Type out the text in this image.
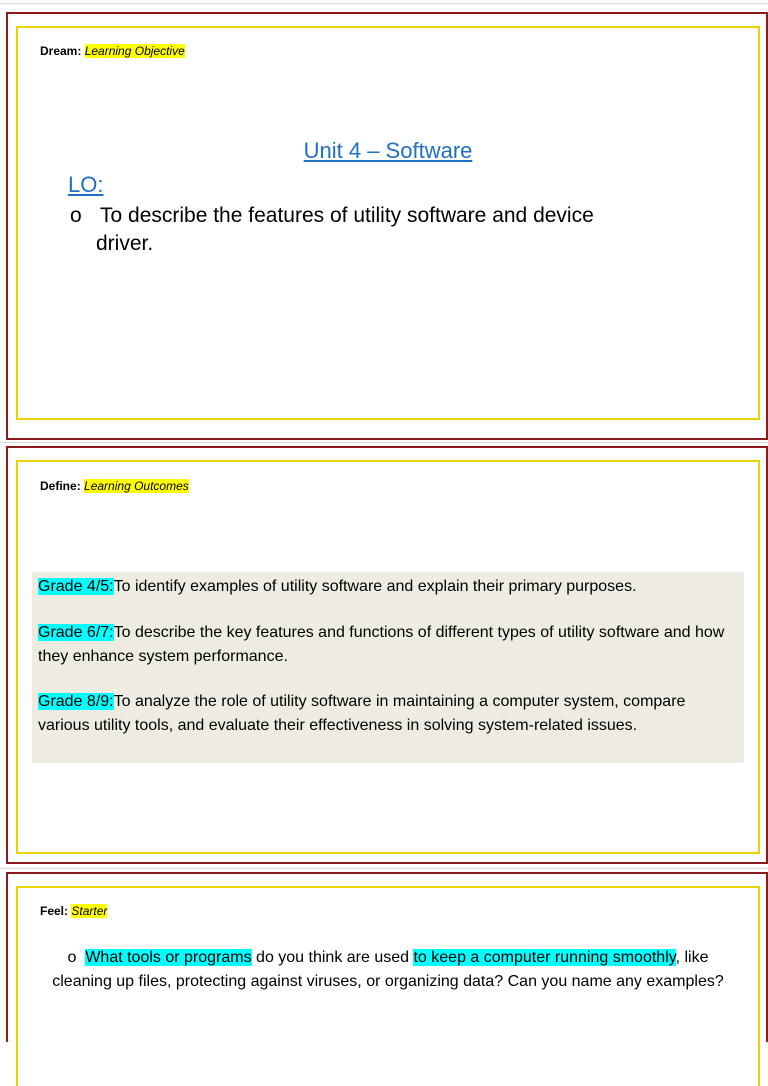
Dream: Learning Objective
Unit 4 – Software
LO:
o To describe the features of utility software and device
driver.
Define: Learning Outcomes
Grade 4/5:To identify examples of utility software and explain their primary purposes.
Grade 6/7:To describe the key features and functions of different types of utility software and how they enhance system performance.
Grade 8/9:To analyze the role of utility software in maintaining a computer system, compare various utility tools, and evaluate their effectiveness in solving system-related issues.
Feel: Starter
o What tools or programs do you think are used to keep a computer running smoothly, like cleaning up files, protecting against viruses, or organizing data? Can you name any examples?
